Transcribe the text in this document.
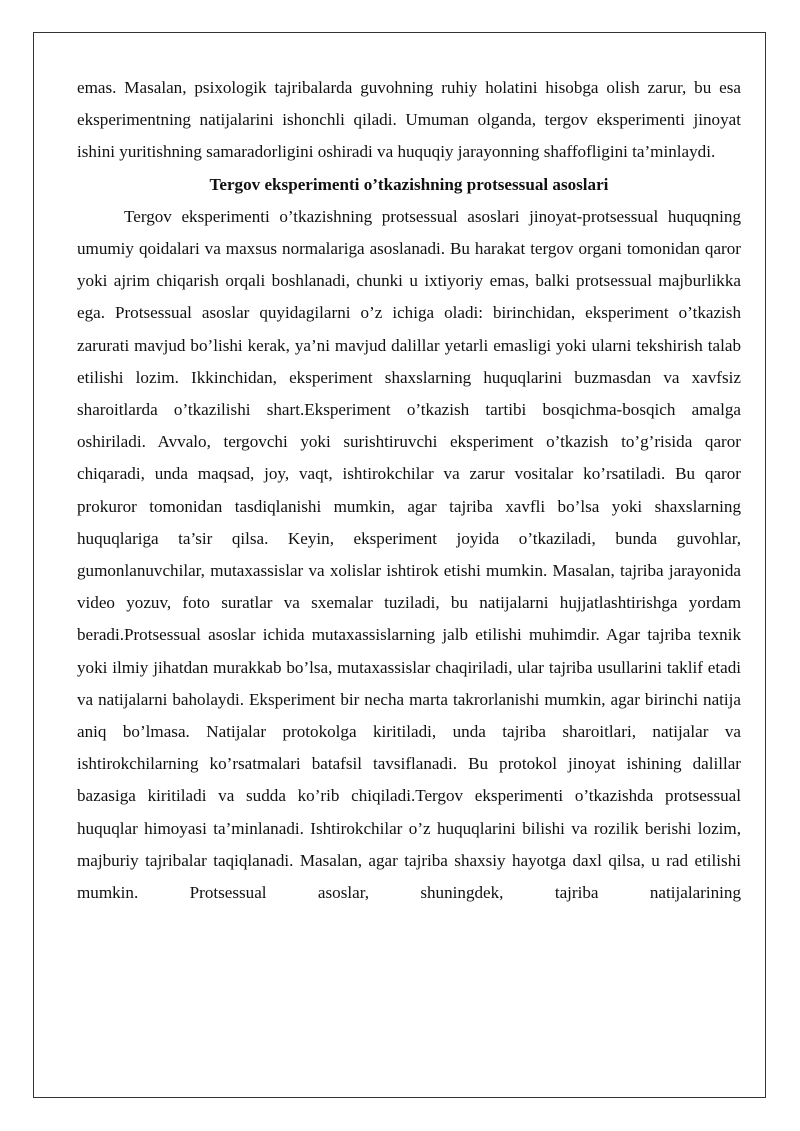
emas. Masalan, psixologik tajribalarda guvohning ruhiy holatini hisobga olish zarur, bu esa eksperimentning natijalarini ishonchli qiladi. Umuman olganda, tergov eksperimenti jinoyat ishini yuritishning samaradorligini oshiradi va huquqiy jarayonning shaffofligini ta’minlaydi.

Tergov eksperimenti o’tkazishning protsessual asoslari

Tergov eksperimenti o’tkazishning protsessual asoslari jinoyat-protsessual huquqning umumiy qoidalari va maxsus normalariga asoslanadi. Bu harakat tergov organi tomonidan qaror yoki ajrim chiqarish orqali boshlanadi, chunki u ixtiyoriy emas, balki protsessual majburlikka ega. Protsessual asoslar quyidagilarni o’z ichiga oladi: birinchidan, eksperiment o’tkazish zarurati mavjud bo’lishi kerak, ya’ni mavjud dalillar yetarli emasligi yoki ularni tekshirish talab etilishi lozim. Ikkinchidan, eksperiment shaxslarning huquqlarini buzmasdan va xavfsiz sharoitlarda o’tkazilishi shart.Eksperiment o’tkazish tartibi bosqichma-bosqich amalga oshiriladi. Avvalo, tergovchi yoki surishtiruvchi eksperiment o’tkazish to’g’risida qaror chiqaradi, unda maqsad, joy, vaqt, ishtirokchilar va zarur vositalar ko’rsatiladi. Bu qaror prokuror tomonidan tasdiqlanishi mumkin, agar tajriba xavfli bo’lsa yoki shaxslarning huquqlariga ta’sir qilsa. Keyin, eksperiment joyida o’tkaziladi, bunda guvohlar, gumonlanuvchilar, mutaxassislar va xolislar ishtirok etishi mumkin. Masalan, tajriba jarayonida video yozuv, foto suratlar va sxemalar tuziladi, bu natijalarni hujjatlashtirishga yordam beradi.Protsessual asoslar ichida mutaxassislarning jalb etilishi muhimdir. Agar tajriba texnik yoki ilmiy jihatdan murakkab bo’lsa, mutaxassislar chaqiriladi, ular tajriba usullarini taklif etadi va natijalarni baholaydi. Eksperiment bir necha marta takrorlanishi mumkin, agar birinchi natija aniq bo’lmasa. Natijalar protokolga kiritiladi, unda tajriba sharoitlari, natijalar va ishtirokchilarning ko’rsatmalari batafsil tavsiflanadi. Bu protokol jinoyat ishining dalillar bazasiga kiritiladi va sudda ko’rib chiqiladi.Tergov eksperimenti o’tkazishda protsessual huquqlar himoyasi ta’minlanadi. Ishtirokchilar o’z huquqlarini bilishi va rozilik berishi lozim, majburiy tajribalar taqiqlanadi. Masalan, agar tajriba shaxsiy hayotga daxl qilsa, u rad etilishi mumkin. Protsessual asoslar, shuningdek, tajriba natijalarining
